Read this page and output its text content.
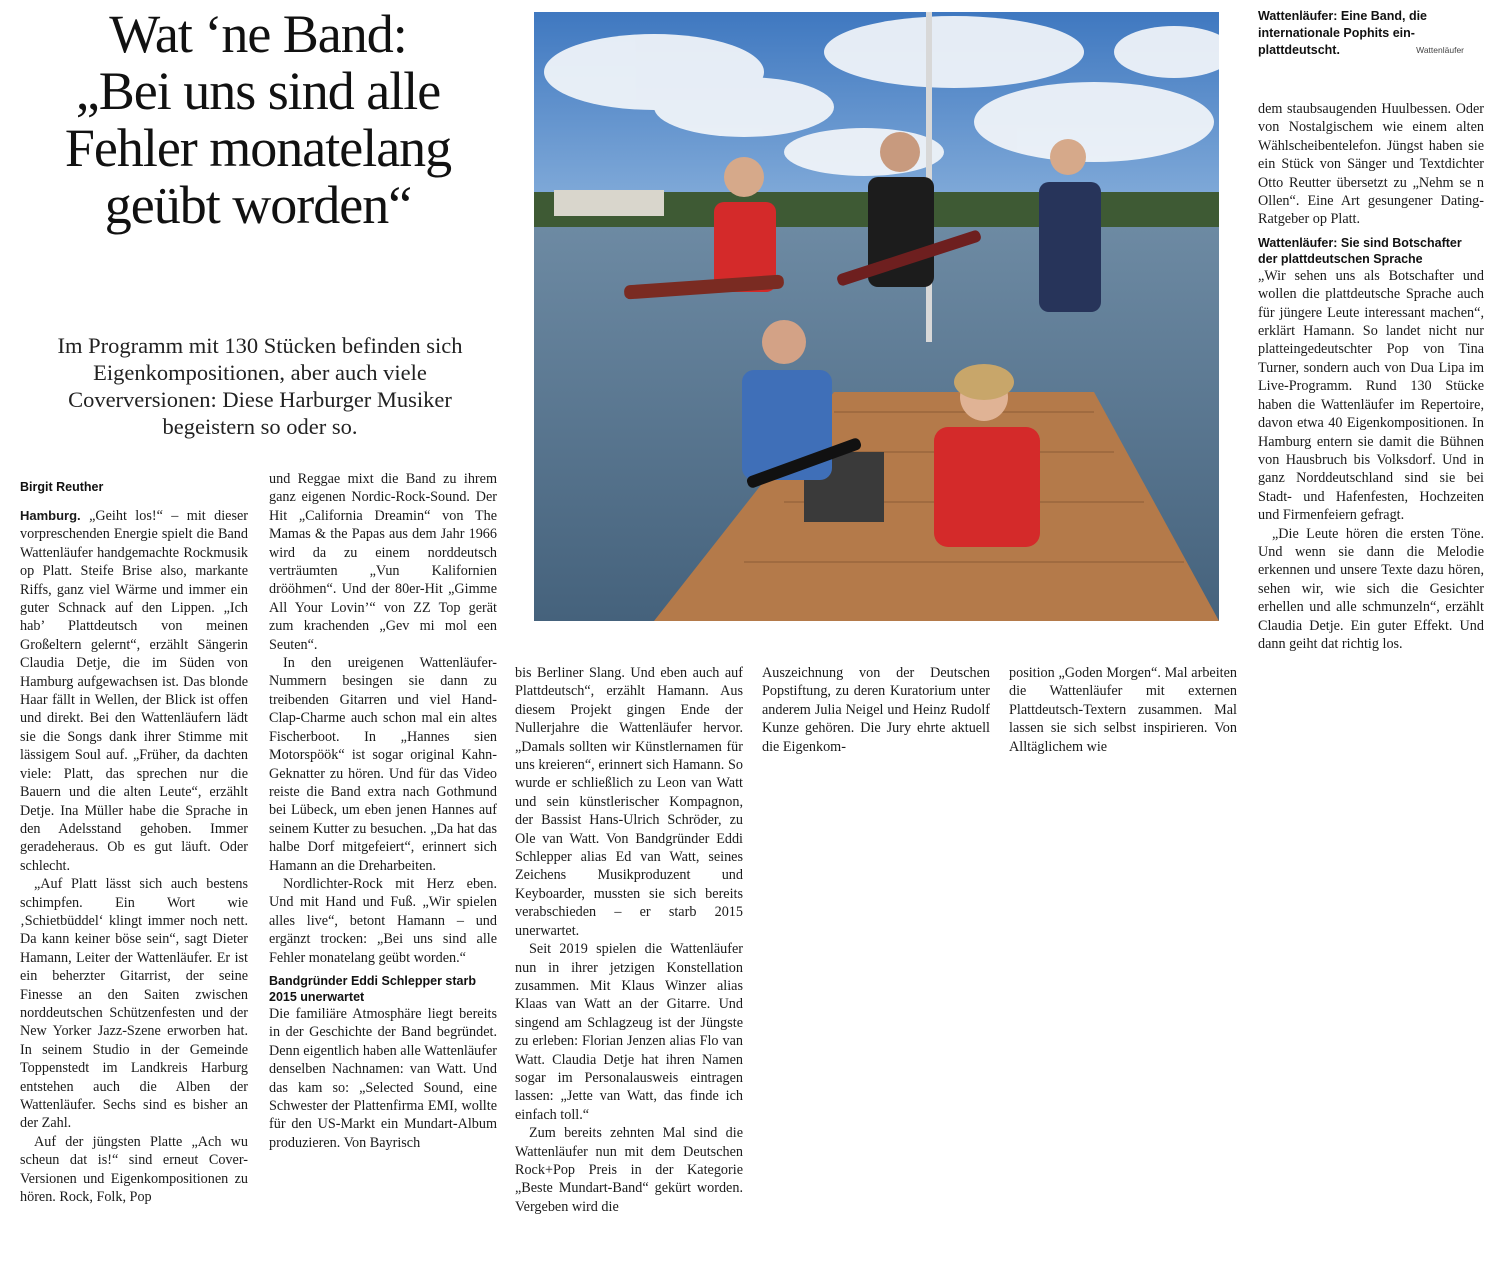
Wat ‘ne Band:
„Bei uns sind alle
Fehler monatelang
geübt worden“

Im Programm mit 130 Stücken befinden sich
Eigenkompositionen, aber auch viele
Coverversionen: Diese Harburger Musiker
begeistern so oder so.

Birgit Reuther
Wattenläufer: Eine Band, die internationale Pophits ein-plattdeutscht.	Wattenläufer

Hamburg. „Geiht los!“ – mit dieser vorpreschenden Energie spielt die Band Wattenläufer handgemachte Rockmusik op Platt. Steife Brise also, markante Riffs, ganz viel Wärme und immer ein guter Schnack auf den Lippen. „Ich hab’ Plattdeutsch von meinen Großeltern gelernt“, erzählt Sängerin Claudia Detje, die im Süden von Hamburg aufgewachsen ist. Das blonde Haar fällt in Wellen, der Blick ist offen und direkt. Bei den Wattenläufern lädt sie die Songs dank ihrer Stimme mit lässigem Soul auf. „Früher, da dachten viele: Platt, das sprechen nur die Bauern und die alten Leute“, erzählt Detje. Ina Müller habe die Sprache in den Adelsstand gehoben. Immer geradeheraus. Ob es gut läuft. Oder schlecht.

„Auf Platt lässt sich auch bestens schimpfen. Ein Wort wie ‚Schietbüddel‘ klingt immer noch nett. Da kann keiner böse sein“, sagt Dieter Hamann, Leiter der Wattenläufer. Er ist ein beherzter Gitarrist, der seine Finesse an den Saiten zwischen norddeutschen Schützenfesten und der New Yorker Jazz-Szene erworben hat. In seinem Studio in der Gemeinde Toppenstedt im Landkreis Harburg entstehen auch die Alben der Wattenläufer. Sechs sind es bisher an der Zahl.

Auf der jüngsten Platte „Ach wu scheun dat is!“ sind erneut Cover-Versionen und Eigenkompositionen zu hören. Rock, Folk, Pop

und Reggae mixt die Band zu ihrem ganz eigenen Nordic-Rock-Sound. Der Hit „California Dreamin“ von The Mamas & the Papas aus dem Jahr 1966 wird da zu einem norddeutsch verträumten „Vun Kalifornien drööhmen“. Und der 80er-Hit „Gimme All Your Lovin’“ von ZZ Top gerät zum krachenden „Gev mi mol een Seuten“.

In den ureigenen Wattenläufer-Nummern besingen sie dann zu treibenden Gitarren und viel Hand-Clap-Charme auch schon mal ein altes Fischerboot. In „Hannes sien Motorspöök“ ist sogar original Kahn-Geknatter zu hören. Und für das Video reiste die Band extra nach Gothmund bei Lübeck, um eben jenen Hannes auf seinem Kutter zu besuchen. „Da hat das halbe Dorf mitgefeiert“, erinnert sich Hamann an die Dreharbeiten.

Nordlichter-Rock mit Herz eben. Und mit Hand und Fuß. „Wir spielen alles live“, betont Hamann – und ergänzt trocken: „Bei uns sind alle Fehler monatelang geübt worden.“

Bandgründer Eddi Schlepper starb 2015 unerwartet

Die familiäre Atmosphäre liegt bereits in der Geschichte der Band begründet. Denn eigentlich haben alle Wattenläufer denselben Nachnamen: van Watt. Und das kam so: „Selected Sound, eine Schwester der Plattenfirma EMI, wollte für den US-Markt ein Mundart-Album produzieren. Von Bayrisch

bis Berliner Slang. Und eben auch auf Plattdeutsch“, erzählt Hamann. Aus diesem Projekt gingen Ende der Nullerjahre die Wattenläufer hervor. „Damals sollten wir Künstlernamen für uns kreieren“, erinnert sich Hamann. So wurde er schließlich zu Leon van Watt und sein künstlerischer Kompagnon, der Bassist Hans-Ulrich Schröder, zu Ole van Watt. Von Bandgründer Eddi Schlepper alias Ed van Watt, seines Zeichens Musikproduzent und Keyboarder, mussten sie sich bereits verabschieden – er starb 2015 unerwartet.

Seit 2019 spielen die Wattenläufer nun in ihrer jetzigen Konstellation zusammen. Mit Klaus Winzer alias Klaas van Watt an der Gitarre. Und singend am Schlagzeug ist der Jüngste zu erleben: Florian Jenzen alias Flo van Watt. Claudia Detje hat ihren Namen sogar im Personalausweis eintragen lassen: „Jette van Watt, das finde ich einfach toll.“

Zum bereits zehnten Mal sind die Wattenläufer nun mit dem Deutschen Rock+Pop Preis in der Kategorie „Beste Mundart-Band“ gekürt worden. Vergeben wird die

Auszeichnung von der Deutschen Popstiftung, zu deren Kuratorium unter anderem Julia Neigel und Heinz Rudolf Kunze gehören. Die Jury ehrte aktuell die Eigenkom-

position „Goden Morgen“. Mal arbeiten die Wattenläufer mit externen Plattdeutsch-Textern zusammen. Mal lassen sie sich selbst inspirieren. Von Alltäglichem wie

dem staubsaugenden Huulbessen. Oder von Nostalgischem wie einem alten Wählscheibentelefon. Jüngst haben sie ein Stück von Sänger und Textdichter Otto Reutter übersetzt zu „Nehm se n Ollen“. Eine Art gesungener Dating-Ratgeber op Platt.

Wattenläufer: Sie sind Botschafter der plattdeutschen Sprache

„Wir sehen uns als Botschafter und wollen die plattdeutsche Sprache auch für jüngere Leute interessant machen“, erklärt Hamann. So landet nicht nur platteingedeutschter Pop von Tina Turner, sondern auch von Dua Lipa im Live-Programm. Rund 130 Stücke haben die Wattenläufer im Repertoire, davon etwa 40 Eigenkompositionen. In Hamburg entern sie damit die Bühnen von Hausbruch bis Volksdorf. Und in ganz Norddeutschland sind sie bei Stadt- und Hafenfesten, Hochzeiten und Firmenfeiern gefragt.

„Die Leute hören die ersten Töne. Und wenn sie dann die Melodie erkennen und unsere Texte dazu hören, sehen wir, wie sich die Gesichter erhellen und alle schmunzeln“, erzählt Claudia Detje. Ein guter Effekt. Und dann geiht dat richtig los.
